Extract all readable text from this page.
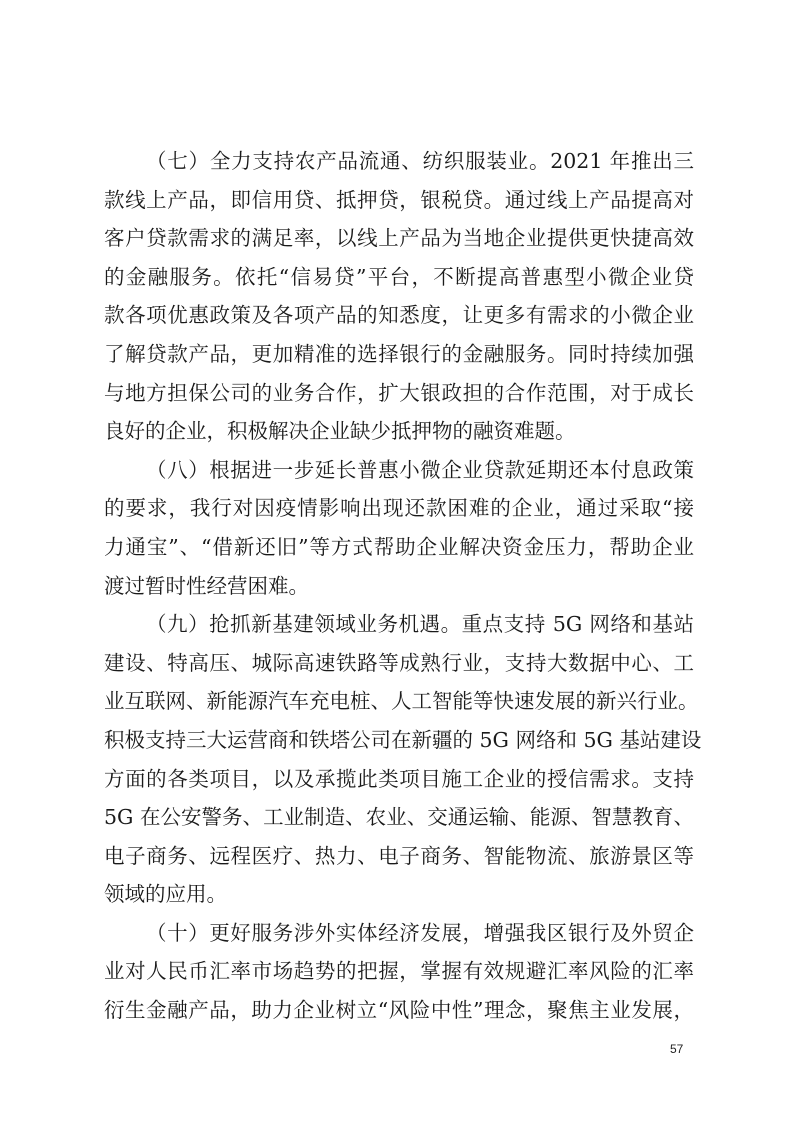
（七）全力支持农产品流通、纺织服装业。2021 年推出三
款线上产品，即信用贷、抵押贷，银税贷。通过线上产品提高对
客户贷款需求的满足率，以线上产品为当地企业提供更快捷高效
的金融服务。依托“信易贷”平台，不断提高普惠型小微企业贷
款各项优惠政策及各项产品的知悉度，让更多有需求的小微企业
了解贷款产品，更加精准的选择银行的金融服务。同时持续加强
与地方担保公司的业务合作，扩大银政担的合作范围，对于成长
良好的企业，积极解决企业缺少抵押物的融资难题。
（八）根据进一步延长普惠小微企业贷款延期还本付息政策
的要求，我行对因疫情影响出现还款困难的企业，通过采取“接
力通宝”、“借新还旧”等方式帮助企业解决资金压力，帮助企业
渡过暂时性经营困难。
（九）抢抓新基建领域业务机遇。重点支持 5G 网络和基站
建设、特高压、城际高速铁路等成熟行业，支持大数据中心、工
业互联网、新能源汽车充电桩、人工智能等快速发展的新兴行业。
积极支持三大运营商和铁塔公司在新疆的 5G 网络和 5G 基站建设
方面的各类项目，以及承揽此类项目施工企业的授信需求。支持
5G 在公安警务、工业制造、农业、交通运输、能源、智慧教育、
电子商务、远程医疗、热力、电子商务、智能物流、旅游景区等
领域的应用。
（十）更好服务涉外实体经济发展，增强我区银行及外贸企
业对人民币汇率市场趋势的把握，掌握有效规避汇率风险的汇率
衍生金融产品，助力企业树立“风险中性”理念，聚焦主业发展，
57
